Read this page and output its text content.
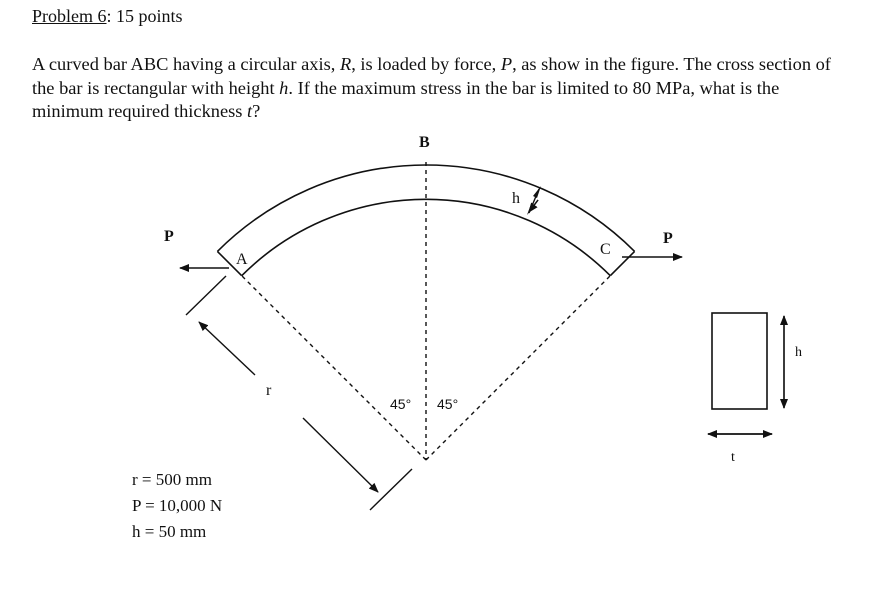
Problem 6: 15 points
A curved bar ABC having a circular axis, R, is loaded by force, P, as show in the figure. The cross section of the bar is rectangular with height h. If the maximum stress in the bar is limited to 80 MPa, what is the minimum required thickness t?
B
A
C
P	P
h
r
45° 45°
h
t
r = 500 mm
P = 10,000 N
h = 50 mm
